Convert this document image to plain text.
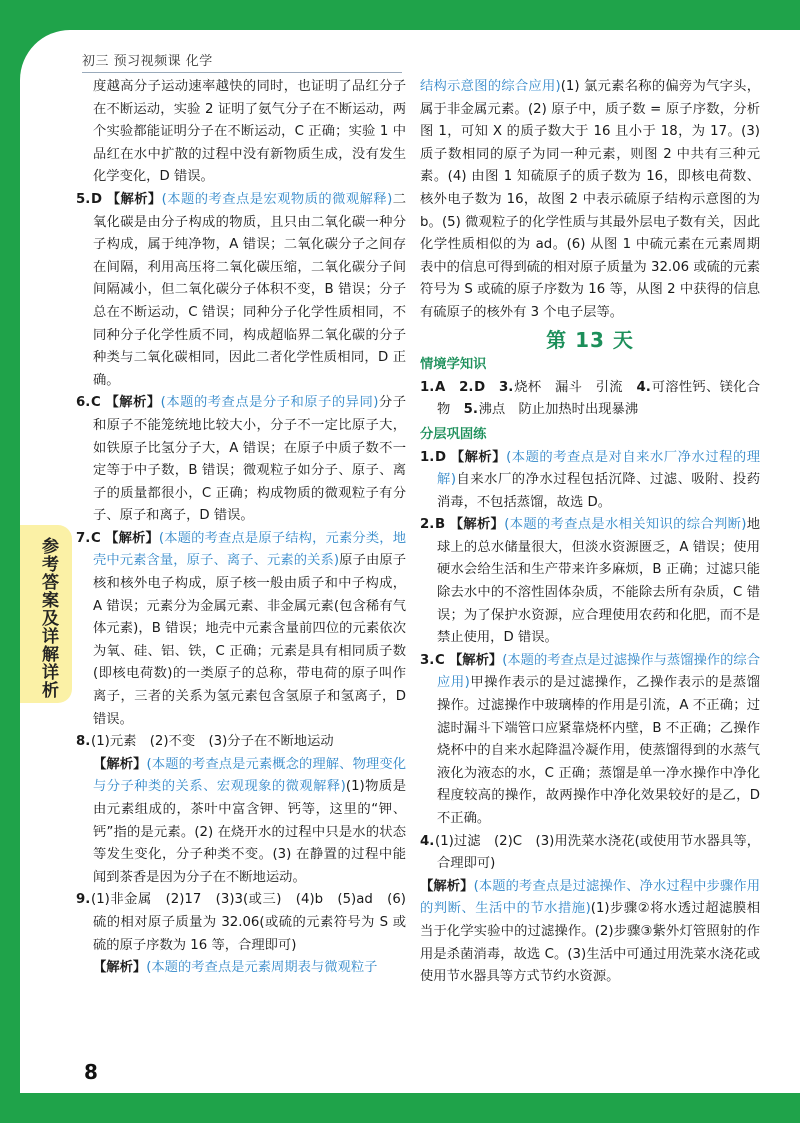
初三 预习视频课 化学
参考答案及详解详析
8

度越高分子运动速率越快的同时，也证明了品红分子在不断运动，实验 2 证明了氨气分子在不断运动，两个实验都能证明分子在不断运动，C 正确；实验 1 中品红在水中扩散的过程中没有新物质生成，没有发生化学变化，D 错误。

5.D 【解析】(本题的考查点是宏观物质的微观解释)二氧化碳是由分子构成的物质，且只由二氧化碳一种分子构成，属于纯净物，A 错误；二氧化碳分子之间存在间隔，利用高压将二氧化碳压缩，二氧化碳分子间间隔减小，但二氧化碳分子体积不变，B 错误；分子总在不断运动，C 错误；同种分子化学性质相同，不同种分子化学性质不同，构成超临界二氧化碳的分子种类与二氧化碳相同，因此二者化学性质相同，D 正确。

6.C 【解析】(本题的考查点是分子和原子的异同)分子和原子不能笼统地比较大小，分子不一定比原子大，如铁原子比氢分子大，A 错误；在原子中质子数不一定等于中子数，B 错误；微观粒子如分子、原子、离子的质量都很小，C 正确；构成物质的微观粒子有分子、原子和离子，D 错误。

7.C 【解析】(本题的考查点是原子结构，元素分类，地壳中元素含量，原子、离子、元素的关系)原子由原子核和核外电子构成，原子核一般由质子和中子构成，A 错误；元素分为金属元素、非金属元素(包含稀有气体元素)，B 错误；地壳中元素含量前四位的元素依次为氧、硅、铝、铁，C 正确；元素是具有相同质子数(即核电荷数)的一类原子的总称，带电荷的原子叫作离子，三者的关系为氢元素包含氢原子和氢离子，D 错误。

8.(1)元素　(2)不变　(3)分子在不断地运动

【解析】(本题的考查点是元素概念的理解、物理变化与分子种类的关系、宏观现象的微观解释)(1)物质是由元素组成的，茶叶中富含钾、钙等，这里的“钾、钙”指的是元素。(2) 在烧开水的过程中只是水的状态等发生变化，分子种类不变。(3) 在静置的过程中能闻到茶香是因为分子在不断地运动。

9.(1)非金属　(2)17　(3)3(或三)　(4)b　(5)ad　(6)硫的相对原子质量为 32.06(或硫的元素符号为 S 或硫的原子序数为 16 等，合理即可)

【解析】(本题的考查点是元素周期表与微观粒子

结构示意图的综合应用)(1) 氯元素名称的偏旁为气字头，属于非金属元素。(2) 原子中，质子数 = 原子序数，分析图 1，可知 X 的质子数大于 16 且小于 18，为 17。(3) 质子数相同的原子为同一种元素，则图 2 中共有三种元素。(4) 由图 1 知硫原子的质子数为 16，即核电荷数、核外电子数为 16，故图 2 中表示硫原子结构示意图的为 b。(5) 微观粒子的化学性质与其最外层电子数有关，因此化学性质相似的为 ad。(6) 从图 1 中硫元素在元素周期表中的信息可得到硫的相对原子质量为 32.06 或硫的元素符号为 S 或硫的原子序数为 16 等，从图 2 中获得的信息有硫原子的核外有 3 个电子层等。

第 13 天
情境学知识

1.A　 2.D　 3.烧杯　漏斗　引流　 4.可溶性钙、镁化合物　 5.沸点　防止加热时出现暴沸

分层巩固练

1.D 【解析】(本题的考查点是对自来水厂净水过程的理解)自来水厂的净水过程包括沉降、过滤、吸附、投药消毒，不包括蒸馏，故选 D。

2.B 【解析】(本题的考查点是水相关知识的综合判断)地球上的总水储量很大，但淡水资源匮乏，A 错误；使用硬水会给生活和生产带来许多麻烦，B 正确；过滤只能除去水中的不溶性固体杂质，不能除去所有杂质，C 错误；为了保护水资源，应合理使用农药和化肥，而不是禁止使用，D 错误。

3.C 【解析】(本题的考查点是过滤操作与蒸馏操作的综合应用)甲操作表示的是过滤操作，乙操作表示的是蒸馏操作。过滤操作中玻璃棒的作用是引流，A 不正确；过滤时漏斗下端管口应紧靠烧杯内壁，B 不正确；乙操作烧杯中的自来水起降温冷凝作用，使蒸馏得到的水蒸气液化为液态的水，C 正确；蒸馏是单一净水操作中净化程度较高的操作，故两操作中净化效果较好的是乙，D 不正确。

4.(1)过滤　(2)C　(3)用洗菜水浇花(或使用节水器具等，合理即可)

【解析】(本题的考查点是过滤操作、净水过程中步骤作用的判断、生活中的节水措施)(1)步骤②将水透过超滤膜相当于化学实验中的过滤操作。(2)步骤③紫外灯管照射的作用是杀菌消毒，故选 C。(3)生活中可通过用洗菜水浇花或使用节水器具等方式节约水资源。
